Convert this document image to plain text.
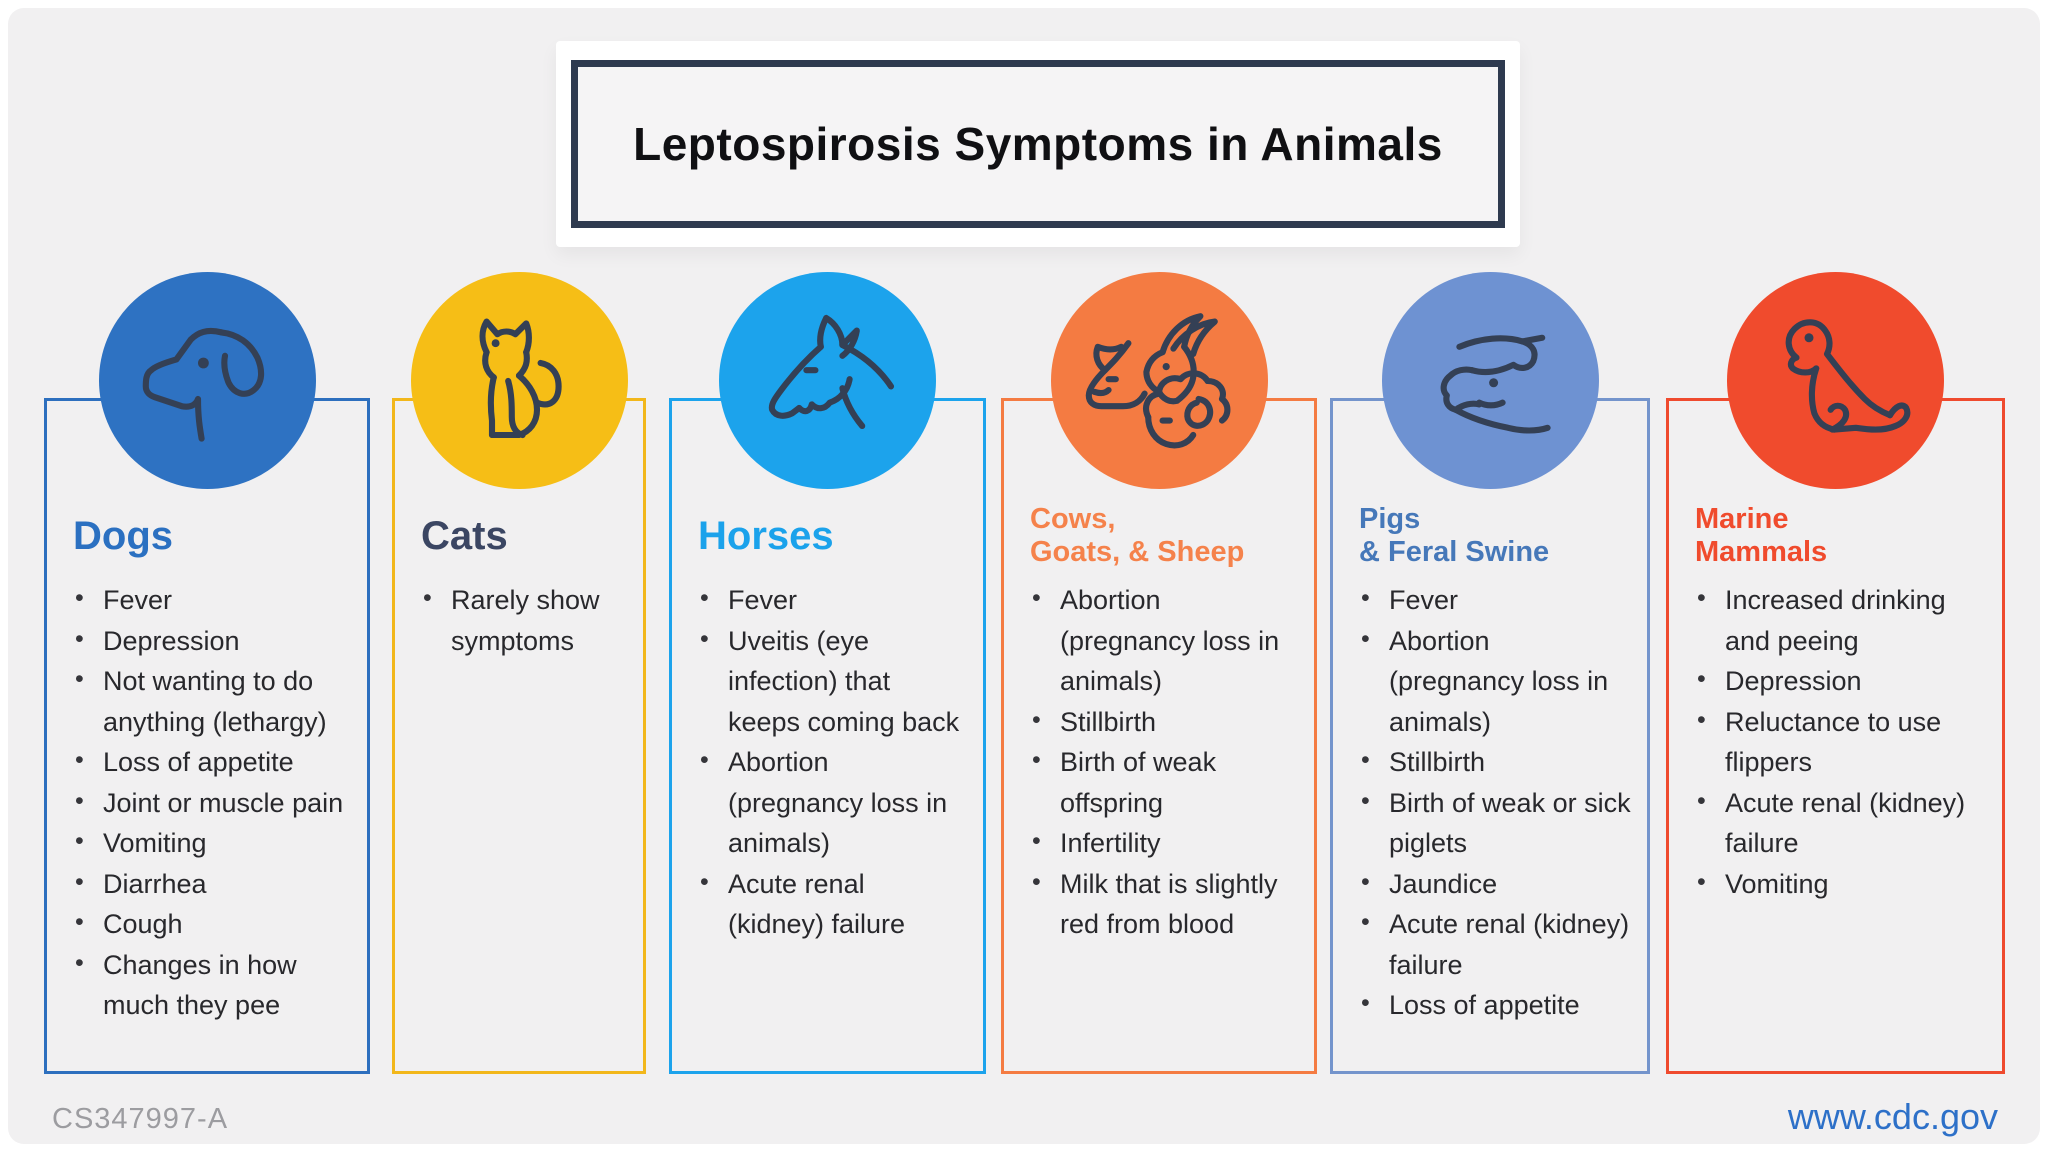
Leptospirosis Symptoms in Animals
Dogs
• Fever
• Depression
• Not wanting to do anything (lethargy)
• Loss of appetite
• Joint or muscle pain
• Vomiting
• Diarrhea
• Cough
• Changes in how much they pee
Cats
• Rarely show symptoms
Horses
• Fever
• Uveitis (eye infection) that keeps coming back
• Abortion (pregnancy loss in animals)
• Acute renal (kidney) failure
Cows,
Goats, & Sheep
• Abortion (pregnancy loss in animals)
• Stillbirth
• Birth of weak offspring
• Infertility
• Milk that is slightly red from blood
Pigs
& Feral Swine
• Fever
• Abortion (pregnancy loss in animals)
• Stillbirth
• Birth of weak or sick piglets
• Jaundice
• Acute renal (kidney) failure
• Loss of appetite
Marine
Mammals
• Increased drinking and peeing
• Depression
• Reluctance to use flippers
• Acute renal (kidney) failure
• Vomiting
CS347997-A	www.cdc.gov
